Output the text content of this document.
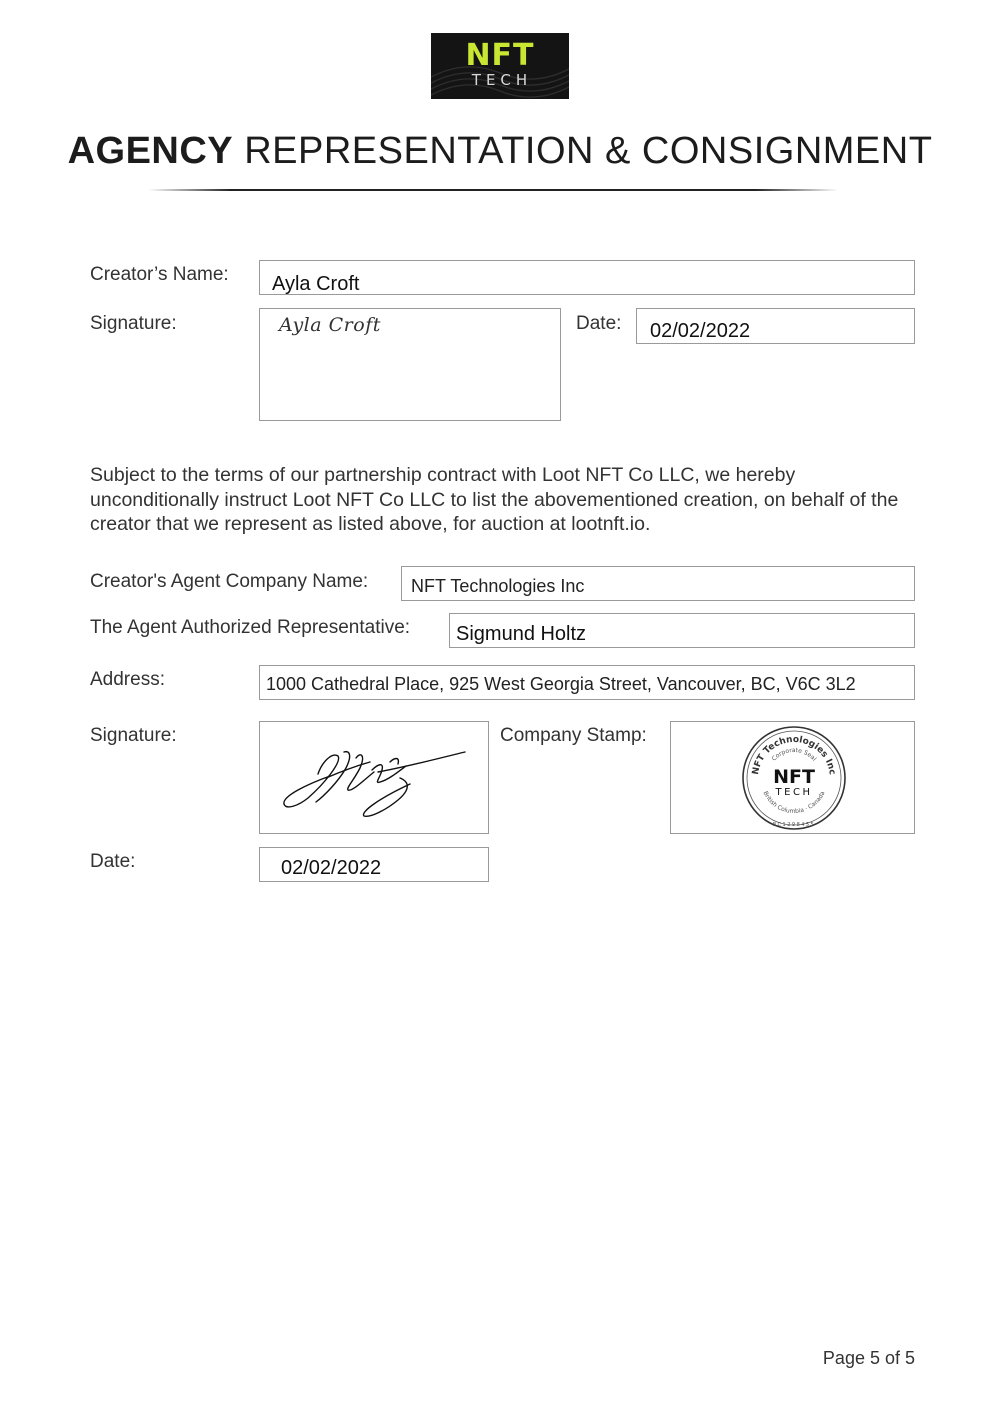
NFT
TECH
AGENCY REPRESENTATION & CONSIGNMENT
Creator’s Name: Ayla Croft
Signature:	Ayla Croft	Date: 02/02/2022
Subject to the terms of our partnership contract with Loot NFT Co LLC, we hereby unconditionally instruct Loot NFT Co LLC to list the abovementioned creation, on behalf of the creator that we represent as listed above, for auction at lootnft.io.
Creator's Agent Company Name: NFT Technologies Inc
The Agent Authorized Representative: Sigmund Holtz
Address:	1000 Cathedral Place, 925 West Georgia Street, Vancouver, BC, V6C 3L2
Signature:	Company Stamp:
NFT Technologies Inc
Corporate Seal
British Columbia · Canada
BC1298455
NFT
TECH
Date:	02/02/2022
Page 5 of 5
